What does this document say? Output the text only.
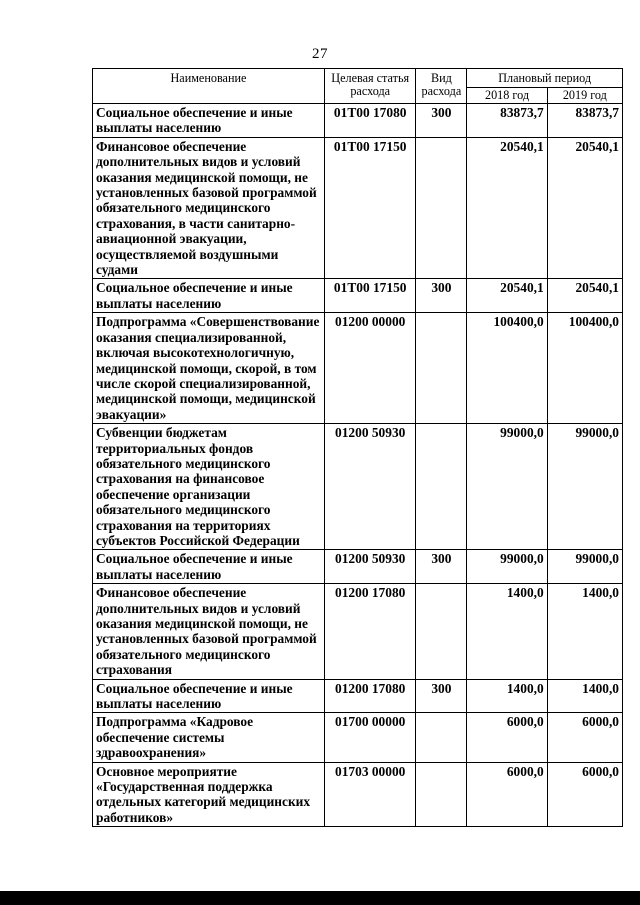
27
Наименование	Целевая статья расхода	Вид расхода	Плановый период	
			2018 год	2019 год
Социальное обеспечение и иные выплаты населению	01Т00 17080	300	83873,7	83873,7
Финансовое обеспечение дополнительных видов и условий оказания медицинской помощи, не установленных базовой программой обязательного медицинского страхования, в части санитарно-авиационной эвакуации, осуществляемой воздушными судами	01Т00 17150		20540,1	20540,1
Социальное обеспечение и иные выплаты населению	01Т00 17150	300	20540,1	20540,1
Подпрограмма «Совершенствование оказания специализированной, включая высокотехнологичную, медицинской помощи, скорой, в том числе скорой специализированной, медицинской помощи, медицинской эвакуации»	01200 00000		100400,0	100400,0
Субвенции бюджетам территориальных фондов обязательного медицинского страхования на финансовое обеспечение организации обязательного медицинского страхования на территориях субъектов Российской Федерации	01200 50930		99000,0	99000,0
Социальное обеспечение и иные выплаты населению	01200 50930	300	99000,0	99000,0
Финансовое обеспечение дополнительных видов и условий оказания медицинской помощи, не установленных базовой программой обязательного медицинского страхования	01200 17080		1400,0	1400,0
Социальное обеспечение и иные выплаты населению	01200 17080	300	1400,0	1400,0
Подпрограмма «Кадровое обеспечение системы здравоохранения»	01700 00000		6000,0	6000,0
Основное мероприятие «Государственная поддержка отдельных категорий медицинских работников»	01703 00000		6000,0	6000,0
